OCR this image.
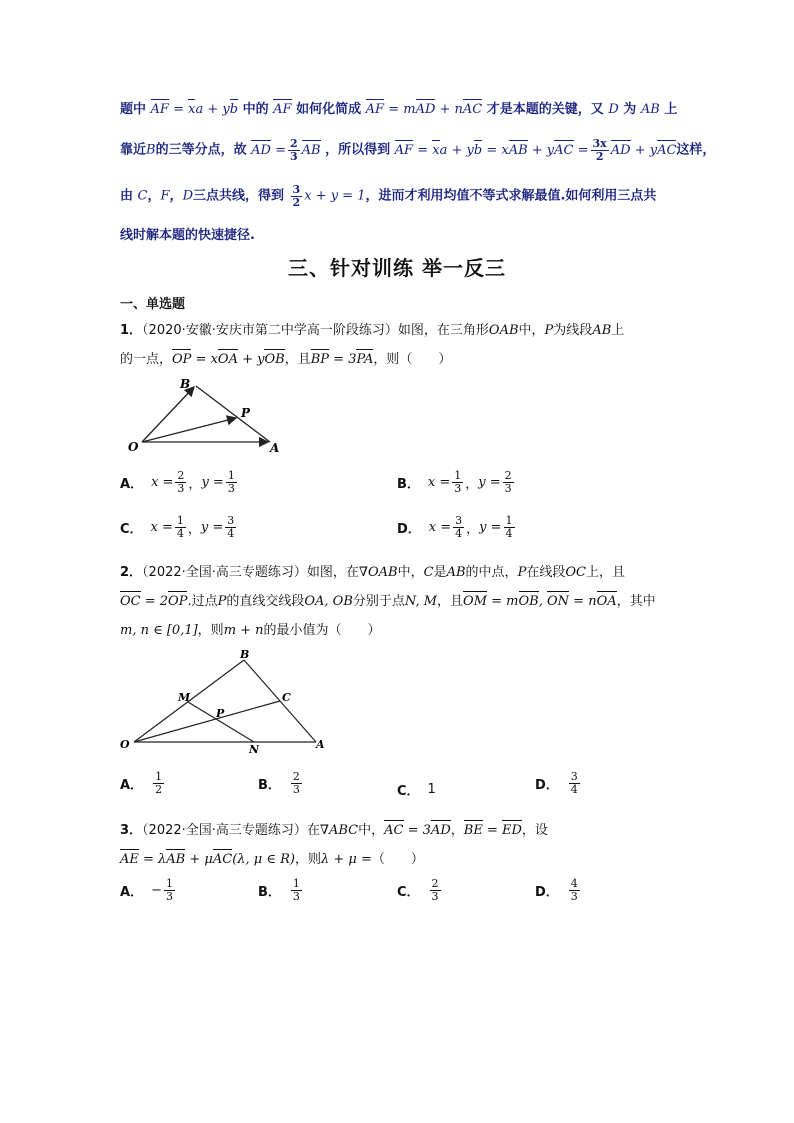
题中 AF = xa + yb 中的 AF 如何化简成 AF = mAD + nAC 才是本题的关键，又 D 为 AB 上
靠近B的三等分点，故 AD = $\frac{2}{3}$ AB ，所以得到 AF = xa + yb = xAB + yAC = $\frac{3x}{2}$ AD + yAC这样，
由 C，F，D三点共线，得到 $\frac{3}{2}$ x + y = 1，进而才利用均值不等式求解最值.如何利用三点共
线时解本题的快速捷径.
三、针对训练 举一反三
一、单选题
1．（2020·安徽·安庆市第二中学高一阶段练习）如图，在三角形OAB中，P为线段AB上
的一点，OP = xOA + yOB，且BP = 3PA，则（　　）
B
P
O	A
A． $x = \frac{2}{3}$ ， $y = \frac{1}{3}$	B． $x = \frac{1}{3}$ ， $y = \frac{2}{3}$
C． $x = \frac{1}{4}$ ， $y = \frac{3}{4}$	D． $x = \frac{3}{4}$ ， $y = \frac{1}{4}$
2．（2022·全国·高三专题练习）如图，在∇OAB中，C是AB的中点，P在线段OC上，且
OC = 2OP.过点P的直线交线段OA, OB分别于点N, M，且OM = mOB, ON = nOA，其中
m, n ∈ [0,1]，则m + n的最小值为（　　）
B
M	C
P
O	N	A
A． $\frac{1}{2}$	B． $\frac{2}{3}$	C． 1	D． $\frac{3}{4}$
3．（2022·全国·高三专题练习）在∇ABC中，AC = 3AD，BE = ED，设
AE = λAB + μAC(λ, μ ∈ R)，则λ + μ =（　　）
A． − $\frac{1}{3}$	B． $\frac{1}{3}$	C． $\frac{2}{3}$	D． $\frac{4}{3}$
